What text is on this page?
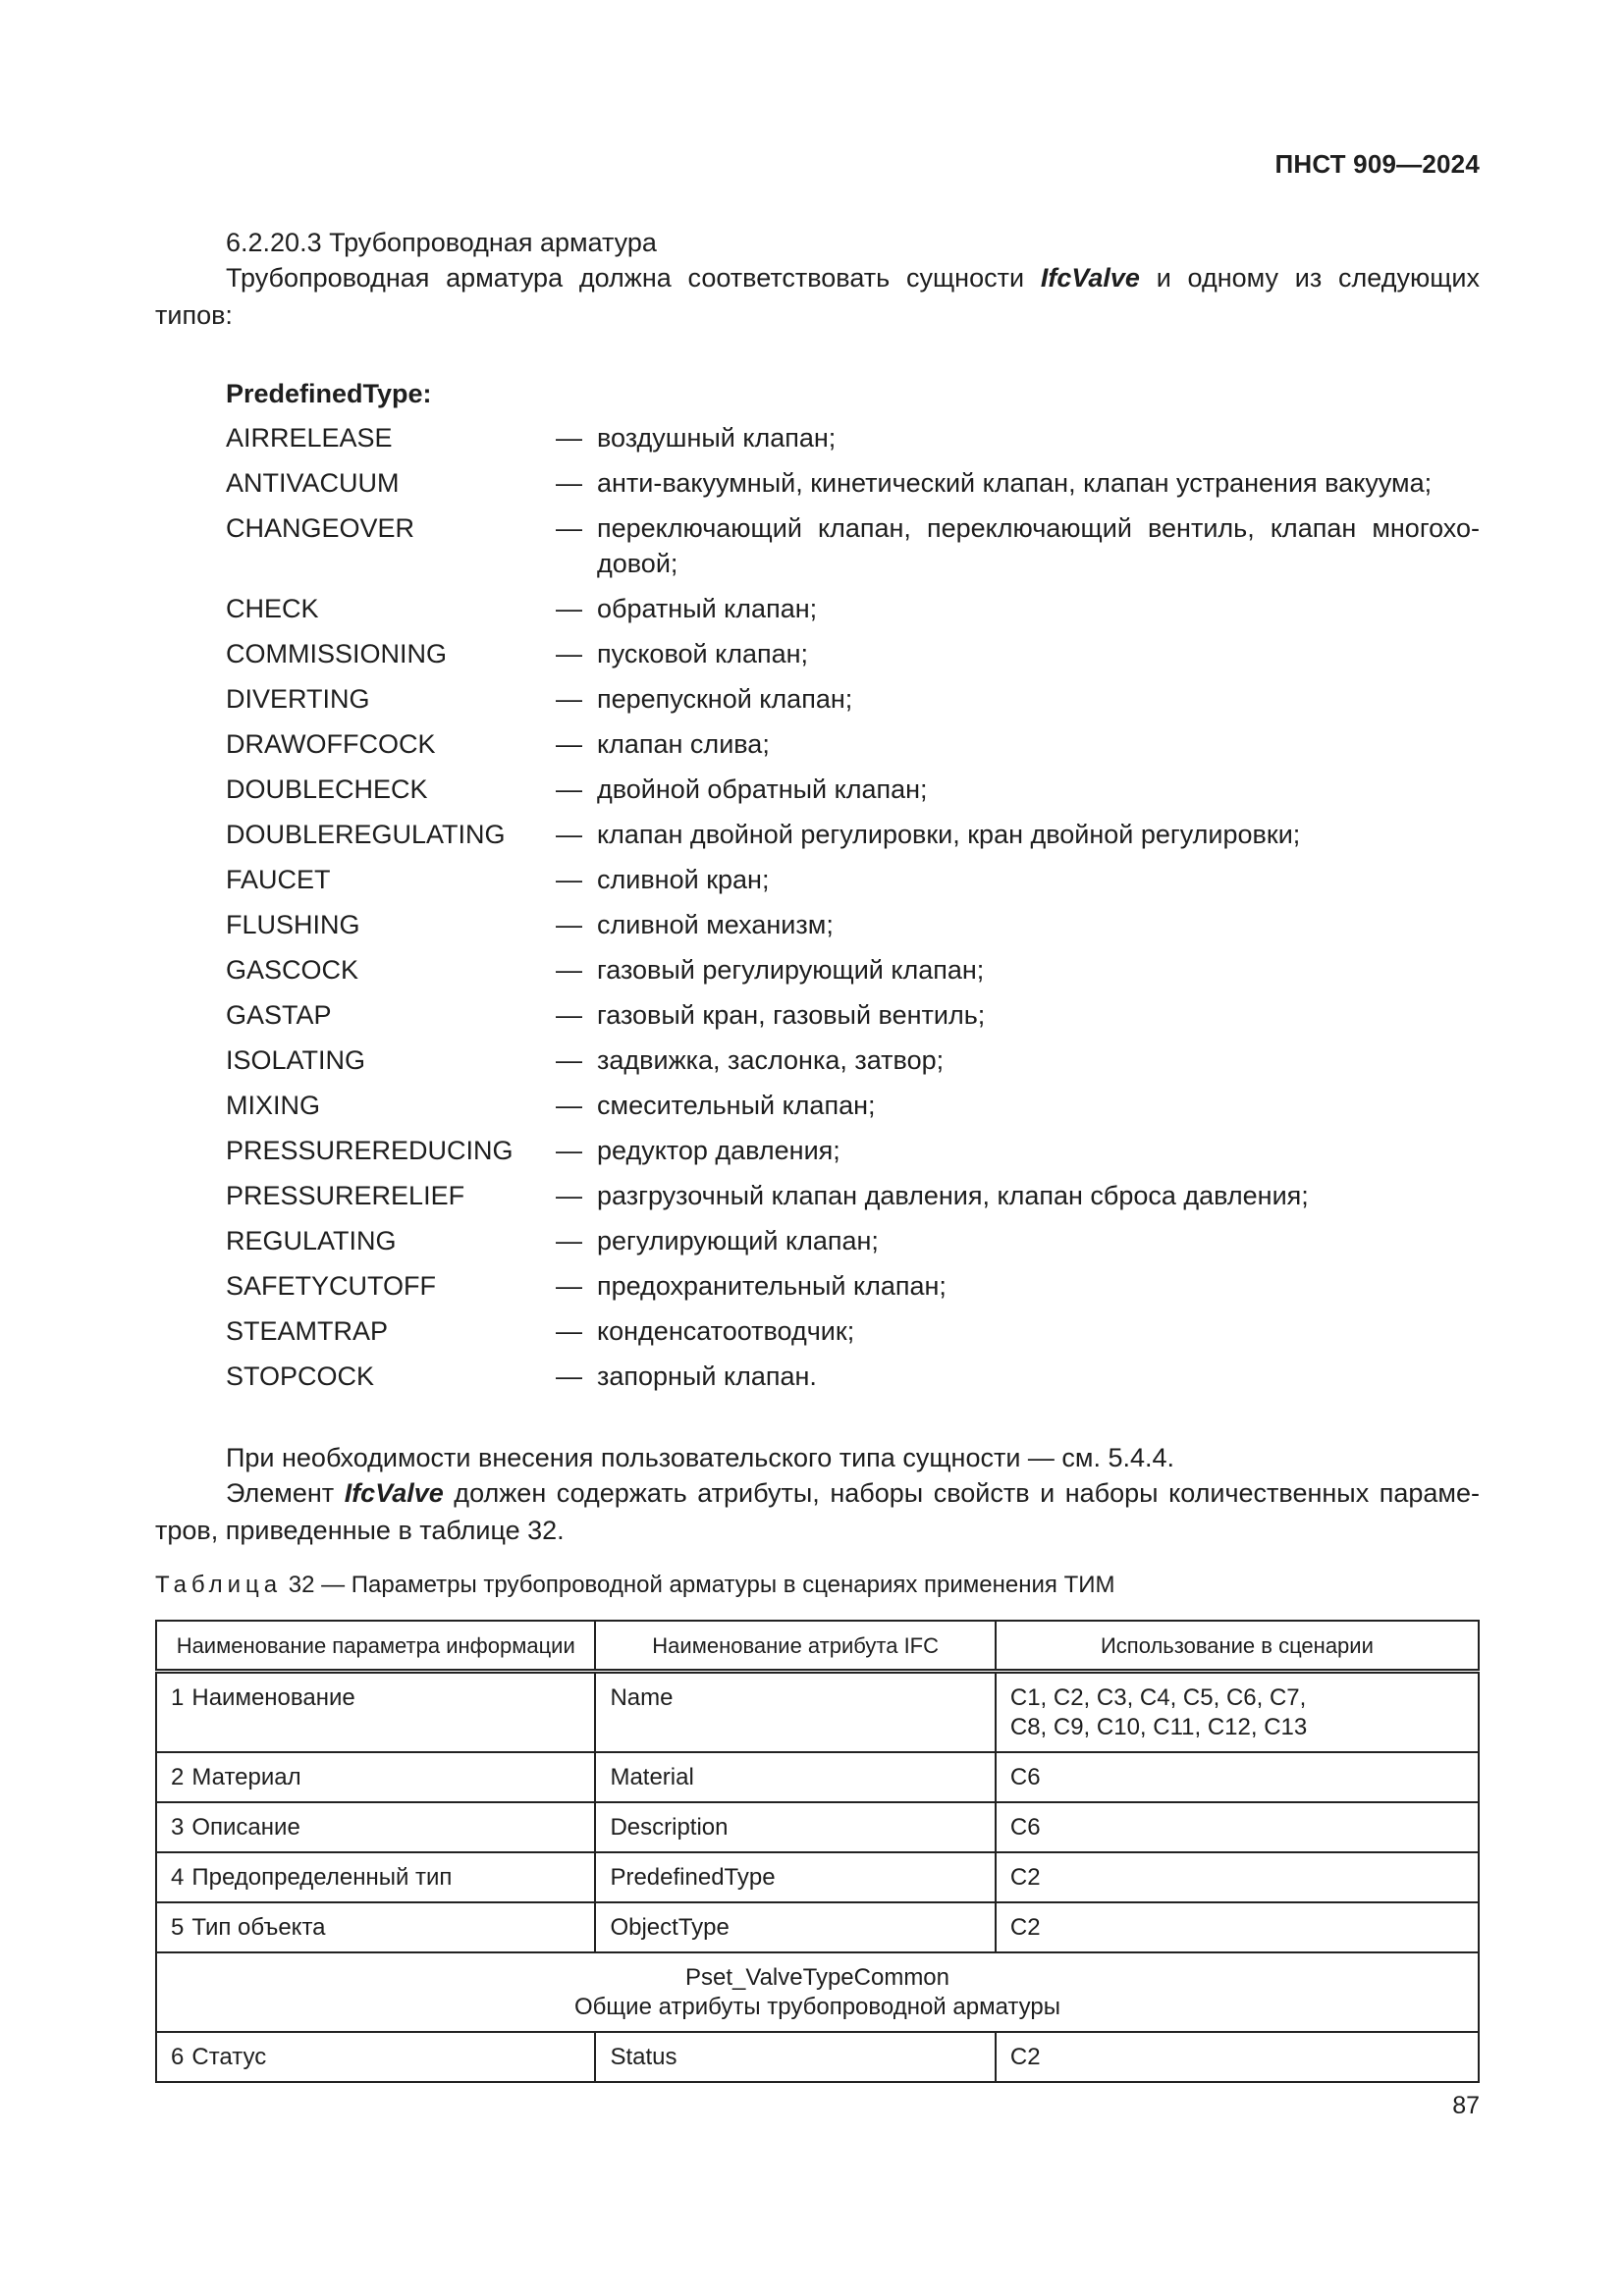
ПНСТ 909—2024
6.2.20.3 Трубопроводная арматура
Трубопроводная арматура должна соответствовать сущности IfcValve и одному из следующих типов:
PredefinedType:
AIRRELEASE	— воздушный клапан;
ANTIVACUUM	— анти-вакуумный, кинетический клапан, клапан устранения вакуума;
CHANGEOVER	— переключающий клапан, переключающий вентиль, клапан многохо-довой;
CHECK	— обратный клапан;
COMMISSIONING	— пусковой клапан;
DIVERTING	— перепускной клапан;
DRAWOFFCOCK	— клапан слива;
DOUBLECHECK	— двойной обратный клапан;
DOUBLEREGULATING	— клапан двойной регулировки, кран двойной регулировки;
FAUCET	— сливной кран;
FLUSHING	— сливной механизм;
GASCOCK	— газовый регулирующий клапан;
GASTAP	— газовый кран, газовый вентиль;
ISOLATING	— задвижка, заслонка, затвор;
MIXING	— смесительный клапан;
PRESSUREREDUCING	— редуктор давления;
PRESSURERELIEF	— разгрузочный клапан давления, клапан сброса давления;
REGULATING	— регулирующий клапан;
SAFETYCUTOFF	— предохранительный клапан;
STEAMTRAP	— конденсатоотводчик;
STOPCOCK	— запорный клапан.
При необходимости внесения пользовательского типа сущности — см. 5.4.4.
Элемент IfcValve должен содержать атрибуты, наборы свойств и наборы количественных параме-тров, приведенные в таблице 32.
Таблица 32 — Параметры трубопроводной арматуры в сценариях применения ТИМ
Наименование параметра информации	Наименование атрибута IFC	Использование в сценарии
1 Наименование	Name	C1, C2, C3, C4, C5, C6, C7,
C8, C9, C10, C11, C12, C13

2 Материал	Material	C6
3 Описание	Description	C6
4 Предопределенный тип	PredefinedType	C2
5 Тип объекта	ObjectType	C2

Pset_ValveTypeCommon
Общие атрибуты трубопроводной арматуры		

6 Статус	Status	C2
87
